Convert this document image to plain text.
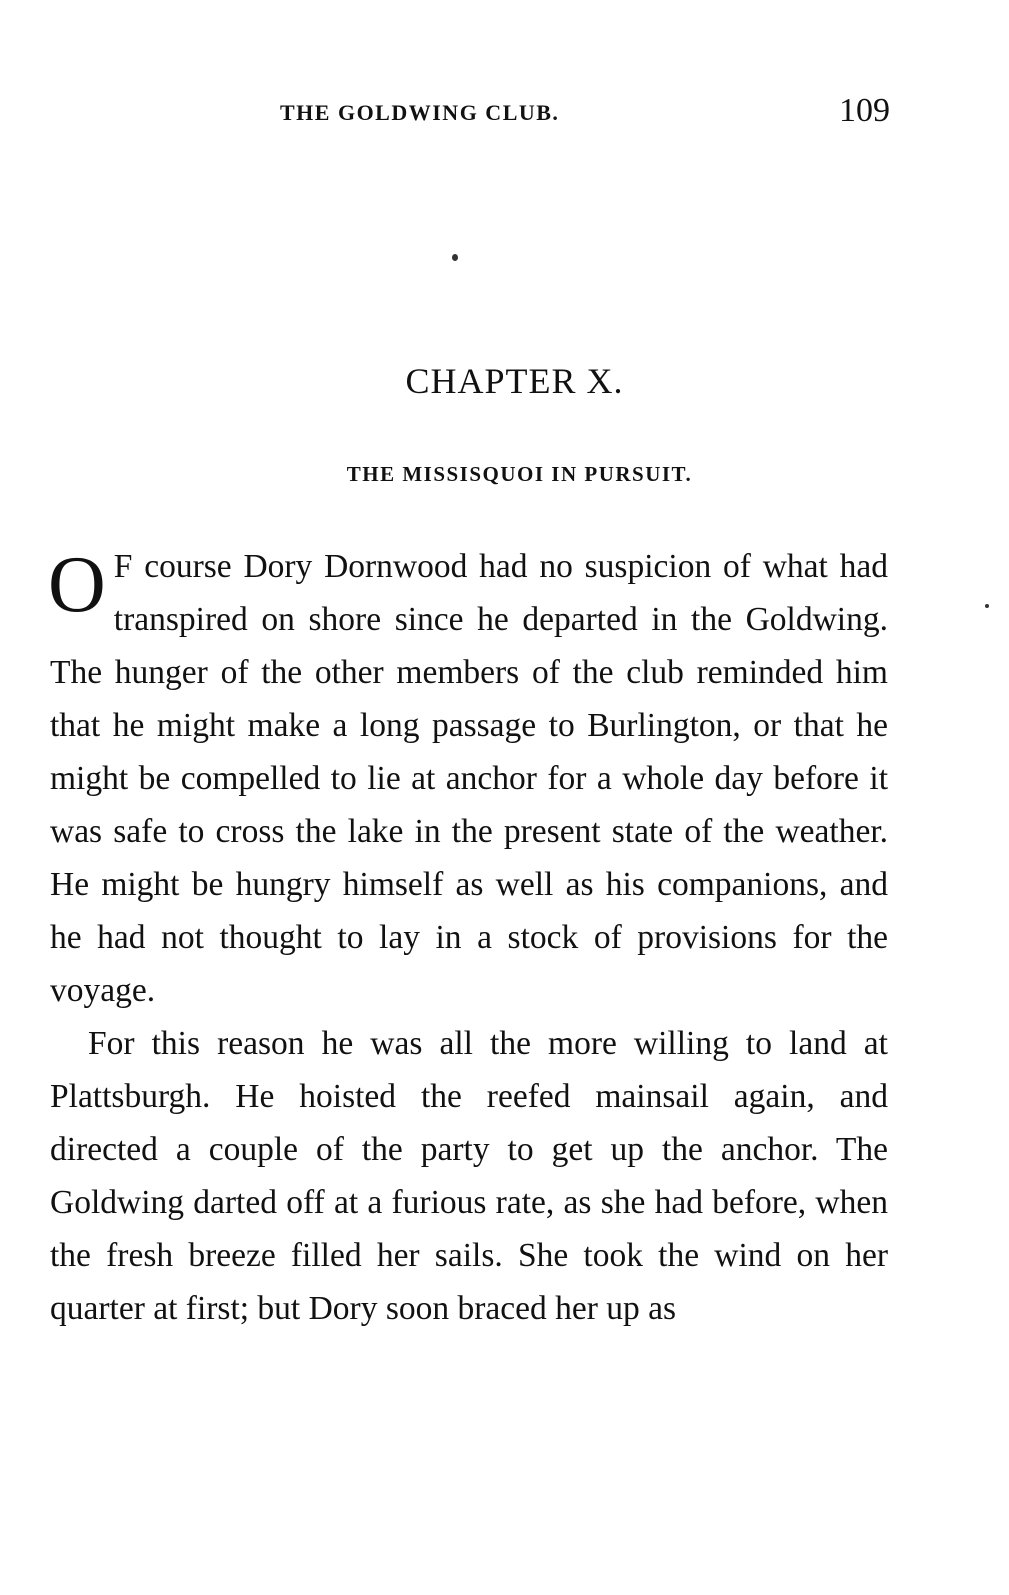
THE GOLDWING CLUB.	109
CHAPTER X.
THE MISSISQUOI IN PURSUIT.

O F course Dory Dornwood had no suspicion of what had transpired on shore since he departed in the Goldwing. The hunger of the other members of the club reminded him that he might make a long passage to Burlington, or that he might be compelled to lie at anchor for a whole day before it was safe to cross the lake in the present state of the weather. He might be hungry himself as well as his companions, and he had not thought to lay in a stock of provisions for the voyage.

For this reason he was all the more willing to land at Plattsburgh. He hoisted the reefed mainsail again, and directed a couple of the party to get up the anchor. The Goldwing darted off at a furious rate, as she had before, when the fresh breeze filled her sails. She took the wind on her quarter at first; but Dory soon braced her up as
